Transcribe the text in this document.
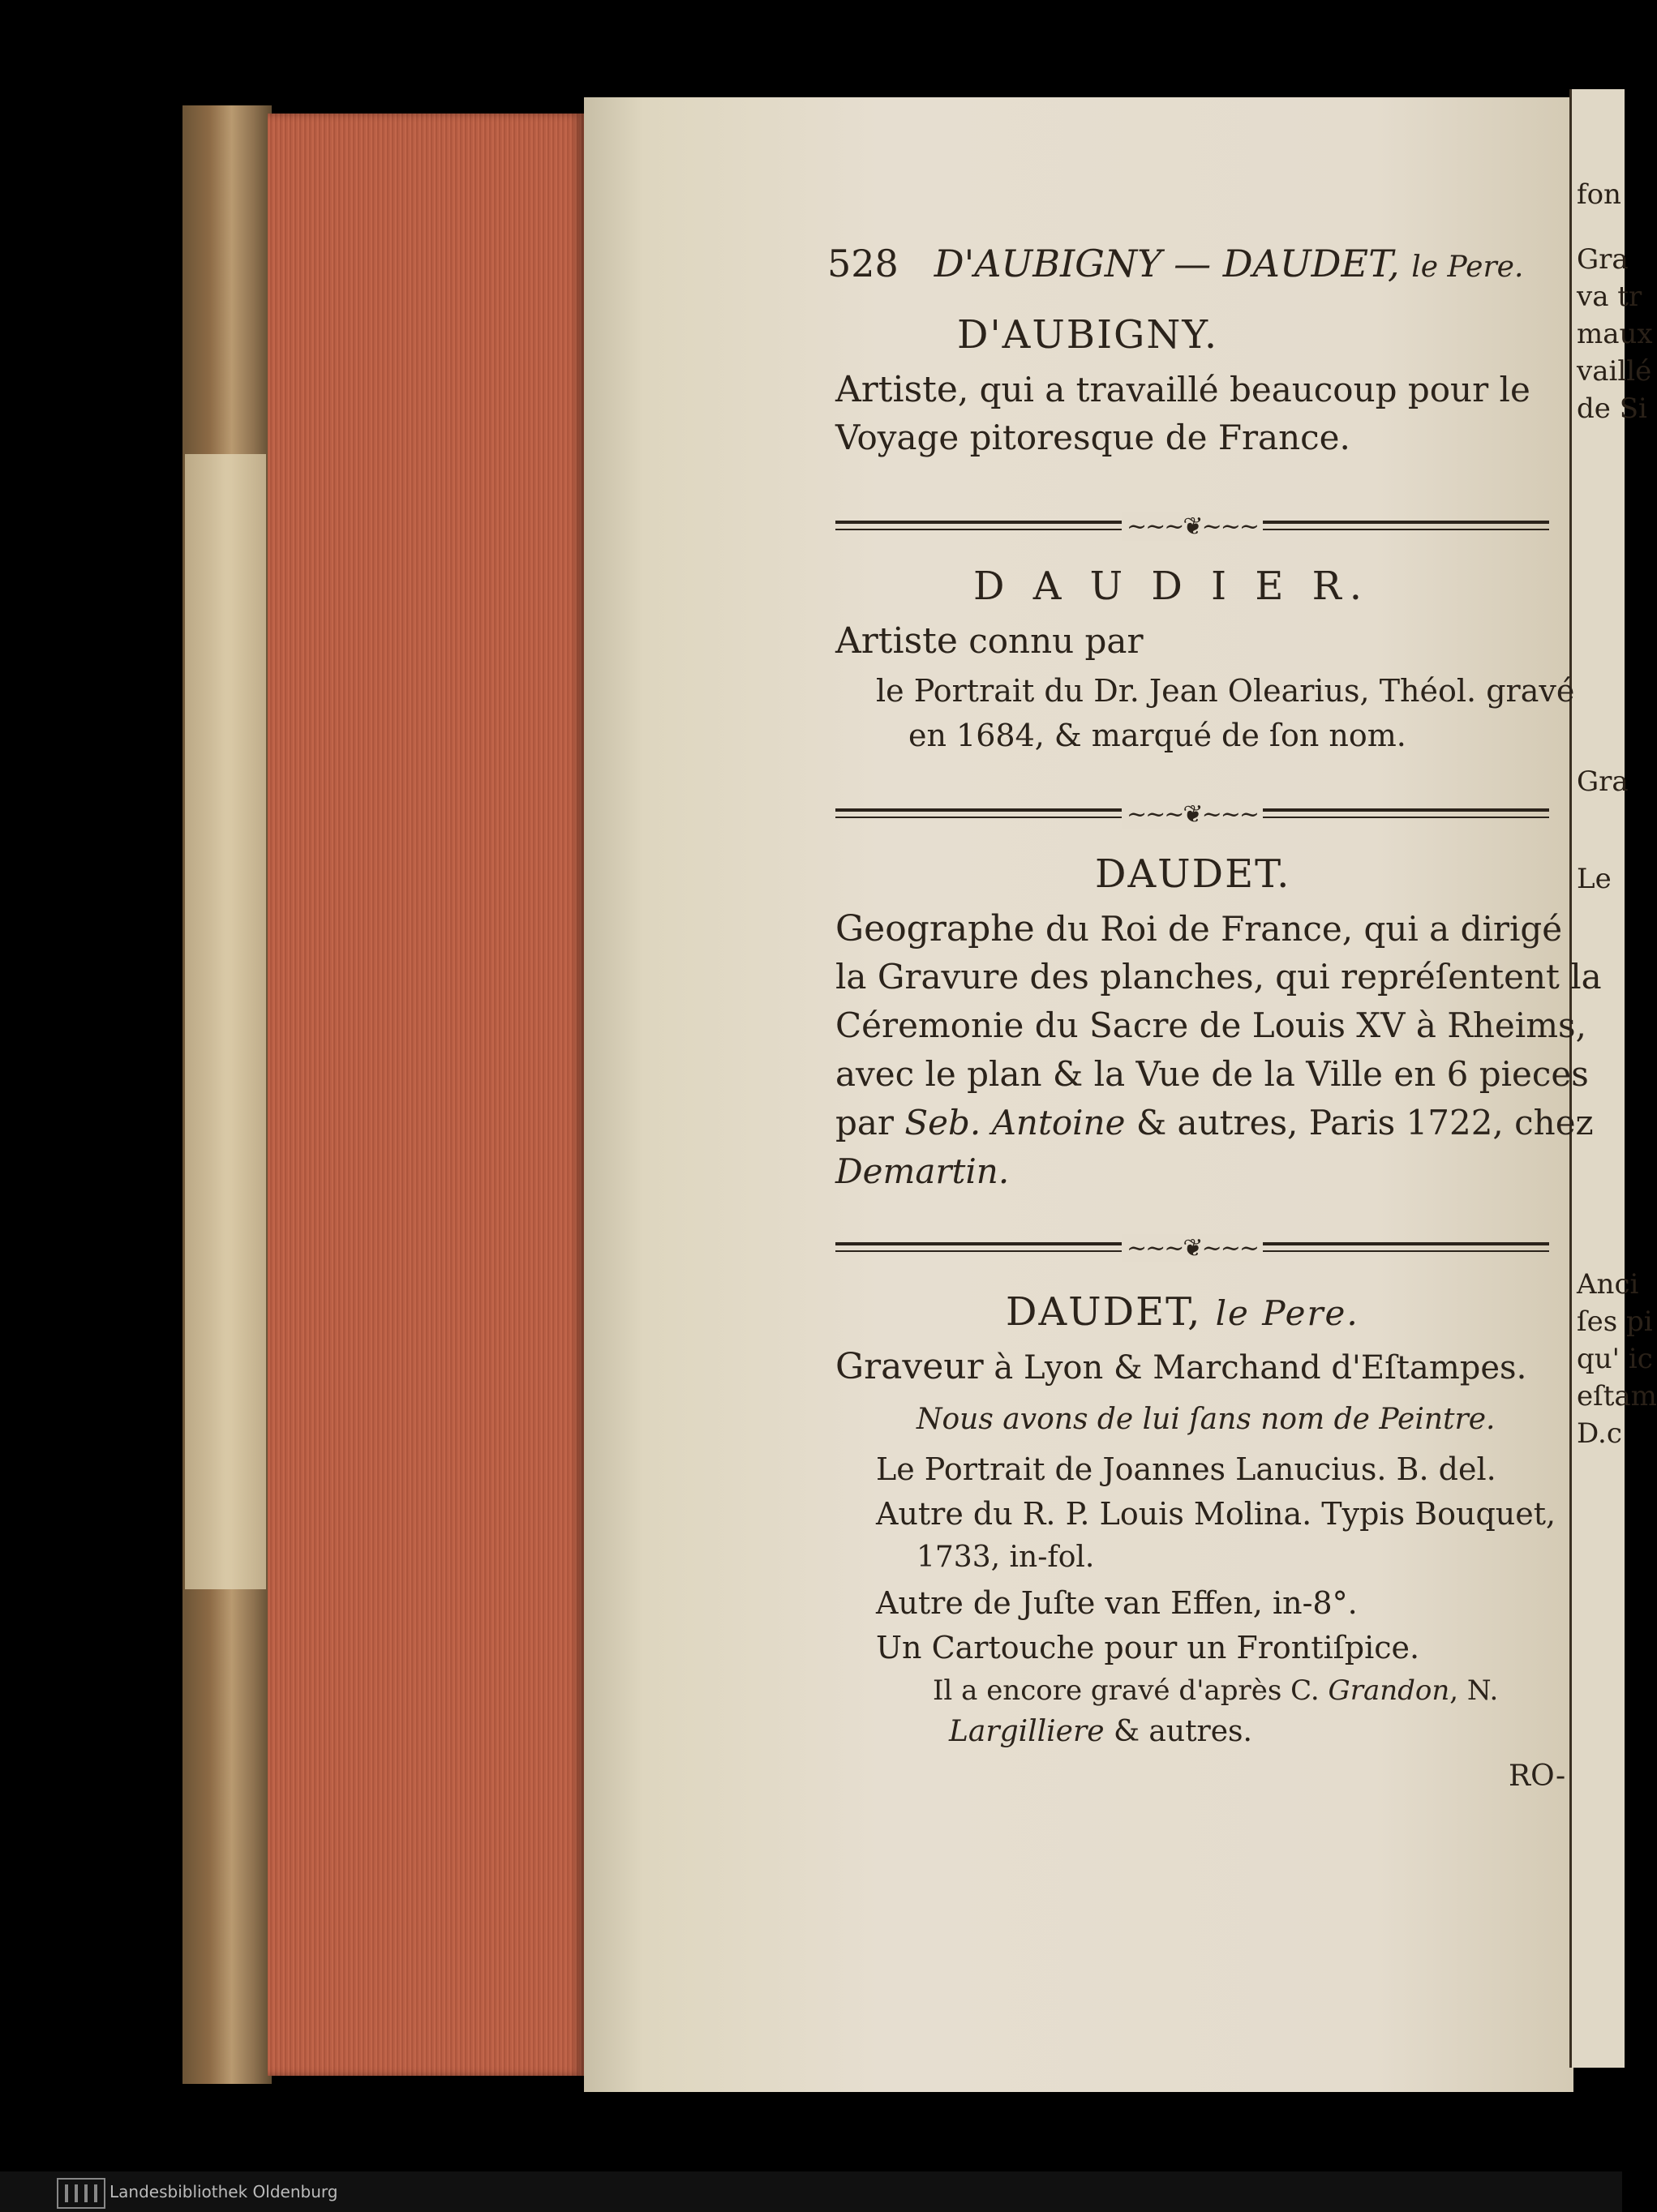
fon
Gra
va tr
maux
vaillé
de Si
Gra
Le
Anci
ſes pi
qu' ic
eſtam
D.c
528 D'AUBIGNY — DAUDET, le Pere.
D'AUBIGNY.
Artiste, qui a travaillé beaucoup pour le
Voyage pitoresque de France.
~~~❦~~~
D A U D I E R.
Artiste connu par
le Portrait du Dr. Jean Olearius, Théol. gravé
en 1684, & marqué de ſon nom.
~~~❦~~~
DAUDET.
Geographe du Roi de France, qui a dirigé
la Gravure des planches, qui repréſentent la
Céremonie du Sacre de Louis XV à Rheims,
avec le plan & la Vue de la Ville en 6 pieces
par Seb. Antoine & autres, Paris 1722, chez
Demartin.
~~~❦~~~
DAUDET, le Pere.
Graveur à Lyon & Marchand d'Eſtampes.
Nous avons de lui ſans nom de Peintre.
Le Portrait de Joannes Lanucius. B. del.
Autre du R. P. Louis Molina. Typis Bouquet,
1733, in-fol.
Autre de Juſte van Effen, in-8°.
Un Cartouche pour un Frontiſpice.
Il a encore gravé d'après C. Grandon, N.
Largilliere & autres.
RO-
Landesbibliothek Oldenburg
